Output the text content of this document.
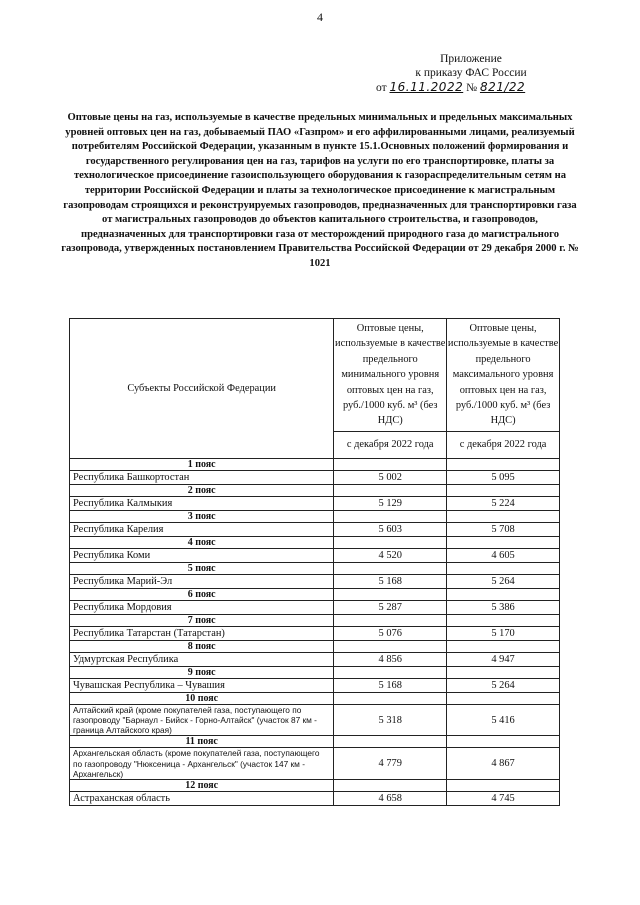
4
Приложение
к приказу ФАС России
от 16.11.2022 № 821/22
Оптовые цены на газ, используемые в качестве предельных минимальных и предельных максимальных уровней оптовых цен на газ, добываемый ПАО «Газпром» и его аффилированными лицами, реализуемый потребителям Российской Федерации, указанным в пункте 15.1.Основных положений формирования и государственного регулирования цен на газ, тарифов на услуги по его транспортировке, платы за технологическое присоединение газоиспользующего оборудования к газораспределительным сетям на территории Российской Федерации и платы за технологическое присоединение к магистральным газопроводам строящихся и реконструируемых газопроводов, предназначенных для транспортировки газа от магистральных газопроводов до объектов капитального строительства, и газопроводов, предназначенных для транспортировки газа от месторождений природного газа до магистрального газопровода, утвержденных постановлением Правительства Российской Федерации от 29 декабря 2000 г. № 1021
Субъекты Российской Федерации	Оптовые цены, используемые в качестве предельного минимального уровня оптовых цен на газ, руб./1000 куб. м³ (без НДС)	Оптовые цены, используемые в качестве предельного максимального уровня оптовых цен на газ, руб./1000 куб. м³ (без НДС)
	с декабря 2022 года	с декабря 2022 года
1 пояс		
Республика Башкортостан	5 002	5 095
2 пояс		
Республика Калмыкия	5 129	5 224
3 пояс		
Республика Карелия	5 603	5 708
4 пояс		
Республика Коми	4 520	4 605
5 пояс		
Республика Марий-Эл	5 168	5 264
6 пояс		
Республика Мордовия	5 287	5 386
7 пояс		
Республика Татарстан (Татарстан)	5 076	5 170
8 пояс		
Удмуртская Республика	4 856	4 947
9 пояс		
Чувашская Республика – Чувашия	5 168	5 264
10 пояс		
Алтайский край (кроме покупателей газа, поступающего по газопроводу "Барнаул - Бийск - Горно-Алтайск" (участок 87 км - граница Алтайского края)	5 318	5 416
11 пояс		
Архангельская область (кроме покупателей газа, поступающего по газопроводу "Нюксеница - Архангельск" (участок 147 км - Архангельск)	4 779	4 867
12 пояс		
Астраханская область	4 658	4 745
